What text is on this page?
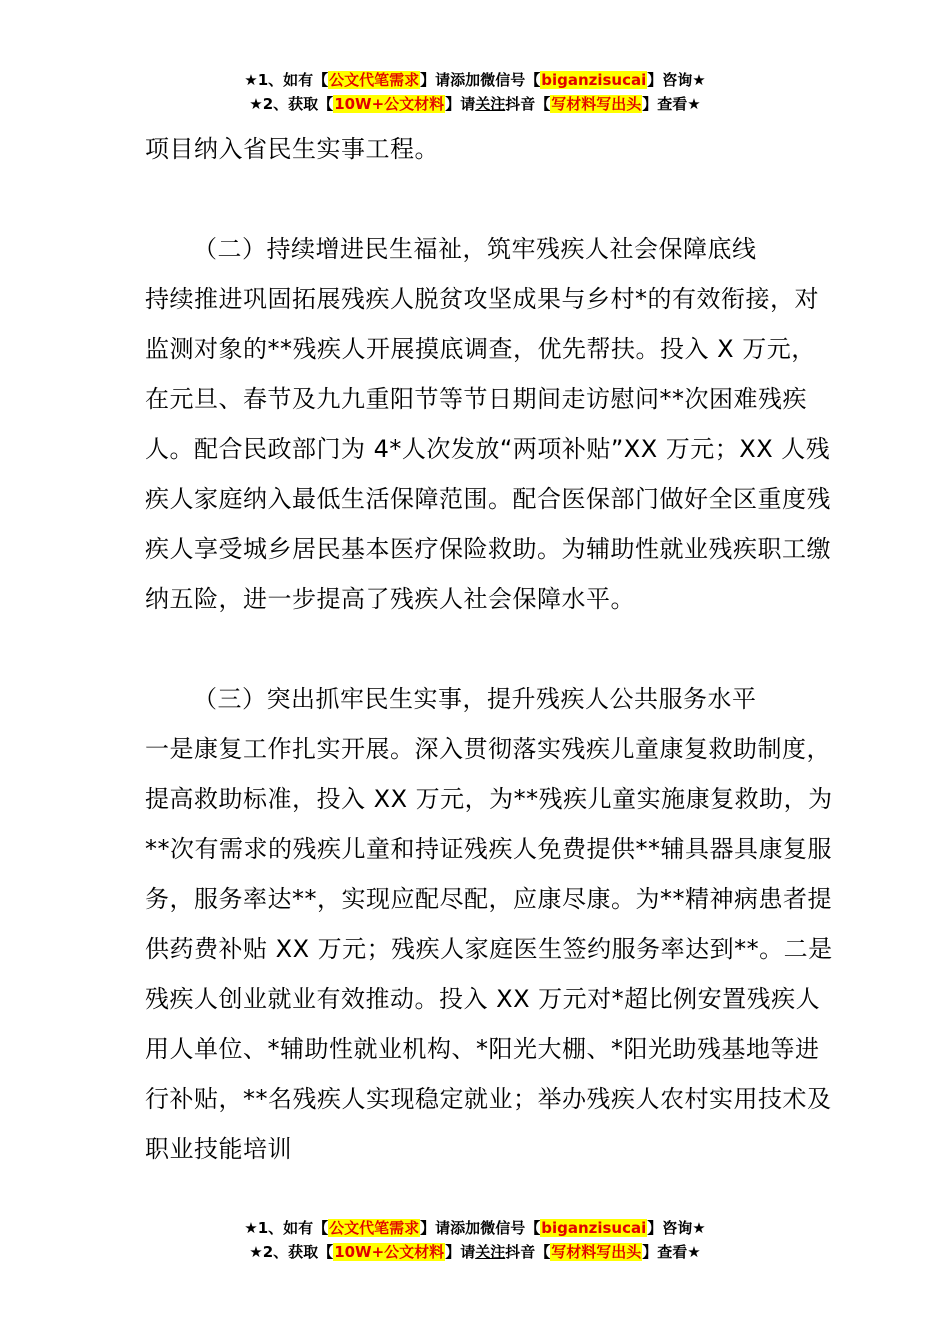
★1、如有【公文代笔需求】请添加微信号【biganzisucai】咨询★
★2、获取【10W+公文材料】请关注抖音【写材料写出头】查看★

项目纳入省民生实事工程。

（二）持续增进民生福祉，筑牢残疾人社会保障底线

持续推进巩固拓展残疾人脱贫攻坚成果与乡村*的有效衔接，对监测对象的**残疾人开展摸底调查，优先帮扶。投入 X 万元，在元旦、春节及九九重阳节等节日期间走访慰问**次困难残疾人。配合民政部门为 4*人次发放“两项补贴”XX 万元；XX 人残疾人家庭纳入最低生活保障范围。配合医保部门做好全区重度残疾人享受城乡居民基本医疗保险救助。为辅助性就业残疾职工缴纳五险，进一步提高了残疾人社会保障水平。

（三）突出抓牢民生实事，提升残疾人公共服务水平

一是康复工作扎实开展。深入贯彻落实残疾儿童康复救助制度，提高救助标准，投入 XX 万元，为**残疾儿童实施康复救助，为**次有需求的残疾儿童和持证残疾人免费提供**辅具器具康复服务，服务率达**，实现应配尽配，应康尽康。为**精神病患者提供药费补贴 XX 万元；残疾人家庭医生签约服务率达到**。二是残疾人创业就业有效推动。投入 XX 万元对*超比例安置残疾人用人单位、*辅助性就业机构、*阳光大棚、*阳光助残基地等进行补贴，**名残疾人实现稳定就业；举办残疾人农村实用技术及职业技能培训

★1、如有【公文代笔需求】请添加微信号【biganzisucai】咨询★
★2、获取【10W+公文材料】请关注抖音【写材料写出头】查看★
